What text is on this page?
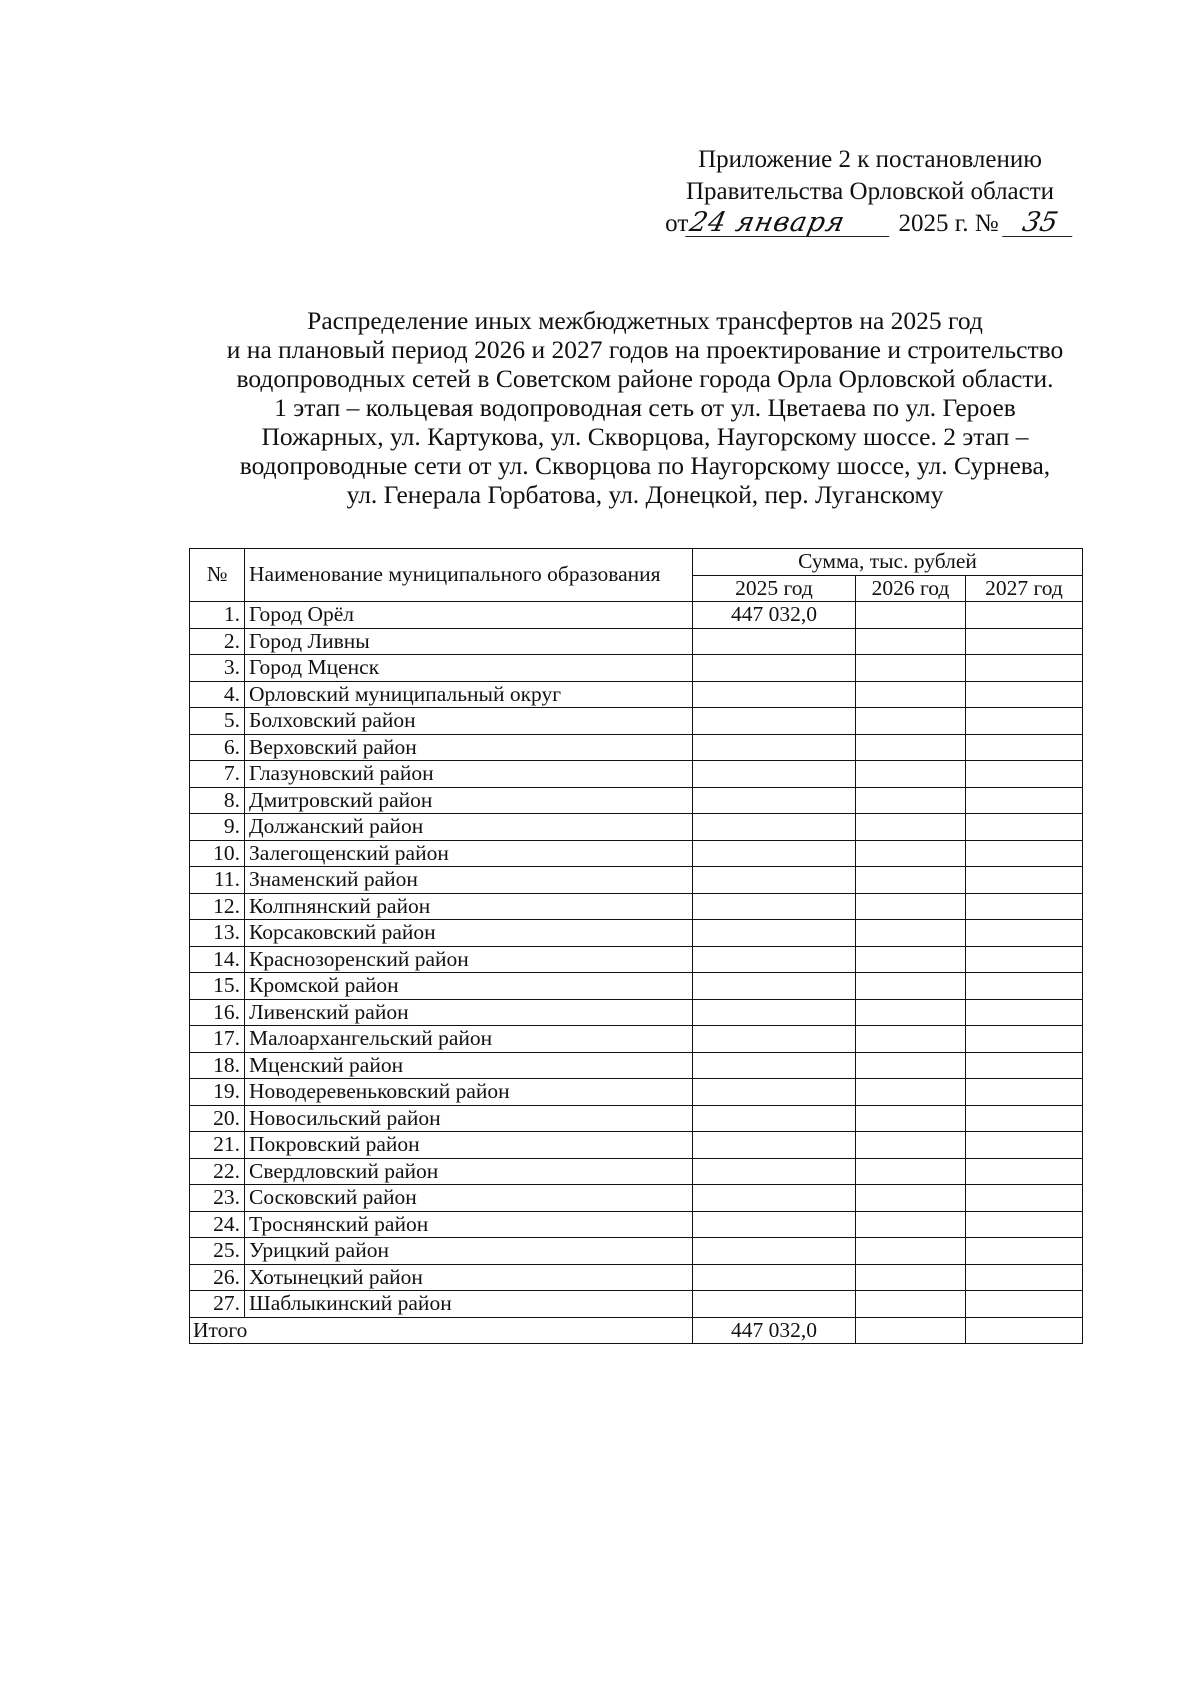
Приложение 2 к постановлению
Правительства Орловской области
от24 января 2025 г. № 35
Распределение иных межбюджетных трансфертов на 2025 год
и на плановый период 2026 и 2027 годов на проектирование и строительство
водопроводных сетей в Советском районе города Орла Орловской области.
1 этап – кольцевая водопроводная сеть от ул. Цветаева по ул. Героев
Пожарных, ул. Картукова, ул. Скворцова, Наугорскому шоссе. 2 этап –
водопроводные сети от ул. Скворцова по Наугорскому шоссе, ул. Сурнева,
ул. Генерала Горбатова, ул. Донецкой, пер. Луганскому
№	Наименование муниципального образования	Сумма, тыс. рублей		
		2025 год	2026 год	2027 год
1.	Город Орёл	447 032,0		
2.	Город Ливны			
3.	Город Мценск			
4.	Орловский муниципальный округ			
5.	Болховский район			
6.	Верховский район			
7.	Глазуновский район			
8.	Дмитровский район			
9.	Должанский район			
10.	Залегощенский район			
11.	Знаменский район			
12.	Колпнянский район			
13.	Корсаковский район			
14.	Краснозоренский район			
15.	Кромской район			
16.	Ливенский район			
17.	Малоархангельский район			
18.	Мценский район			
19.	Новодеревеньковский район			
20.	Новосильский район			
21.	Покровский район			
22.	Свердловский район			
23.	Сосковский район			
24.	Троснянский район			
25.	Урицкий район			
26.	Хотынецкий район			
27.	Шаблыкинский район			
Итого		447 032,0		
